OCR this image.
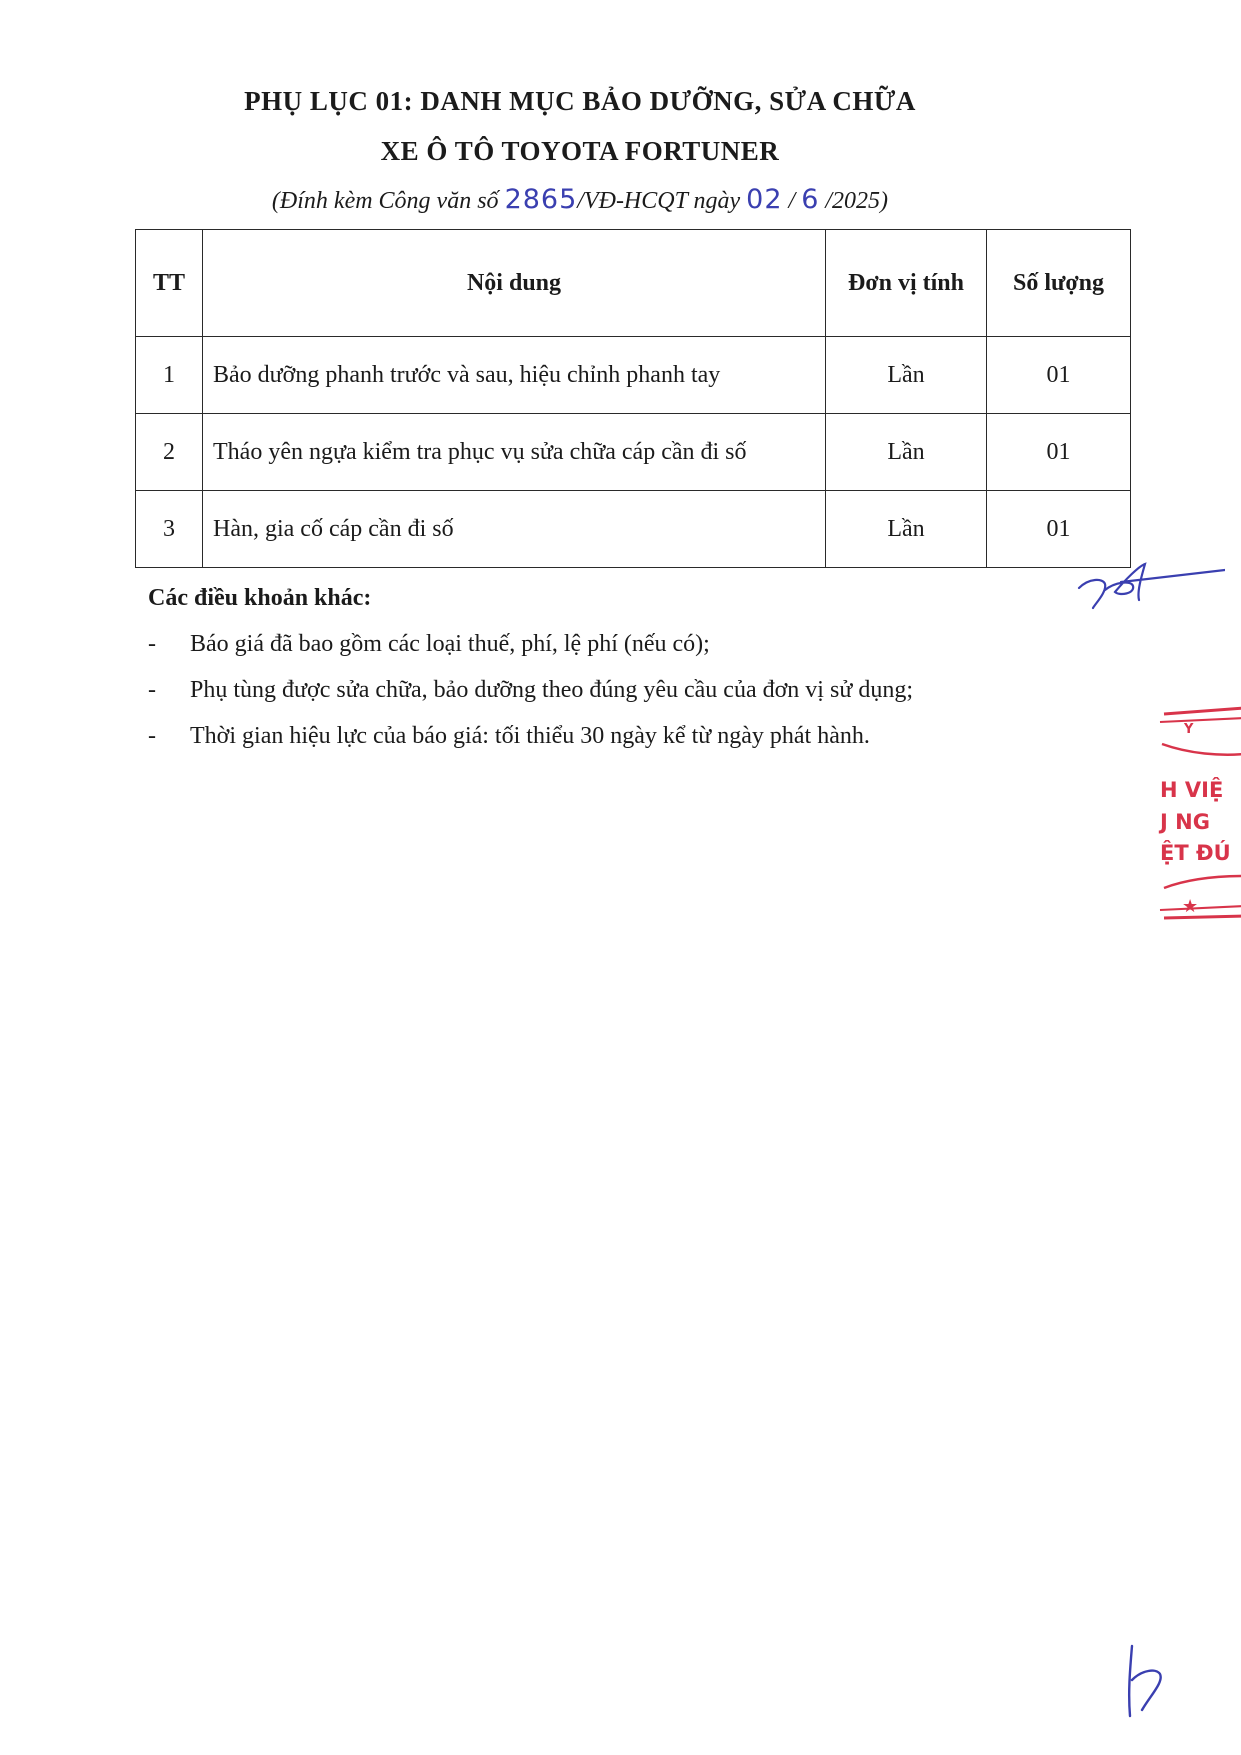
PHỤ LỤC 01: DANH MỤC BẢO DƯỠNG, SỬA CHỮA
XE Ô TÔ TOYOTA FORTUNER
(Đính kèm Công văn số 2865/VĐ-HCQT ngày 02 / 6 /2025)
TT	Nội dung	Đơn vị tính	Số lượng
1	Bảo dưỡng phanh trước và sau, hiệu chỉnh phanh tay	Lần	01
2	Tháo yên ngựa kiểm tra phục vụ sửa chữa cáp cần đi số	Lần	01
3	Hàn, gia cố cáp cần đi số	Lần	01
Các điều khoản khác:
- Báo giá đã bao gồm các loại thuế, phí, lệ phí (nếu có);
- Phụ tùng được sửa chữa, bảo dưỡng theo đúng yêu cầu của đơn vị sử dụng;
- Thời gian hiệu lực của báo giá: tối thiểu 30 ngày kể từ ngày phát hành.	Y
H VIỆ
J NG
ỆT ĐÚ
★
